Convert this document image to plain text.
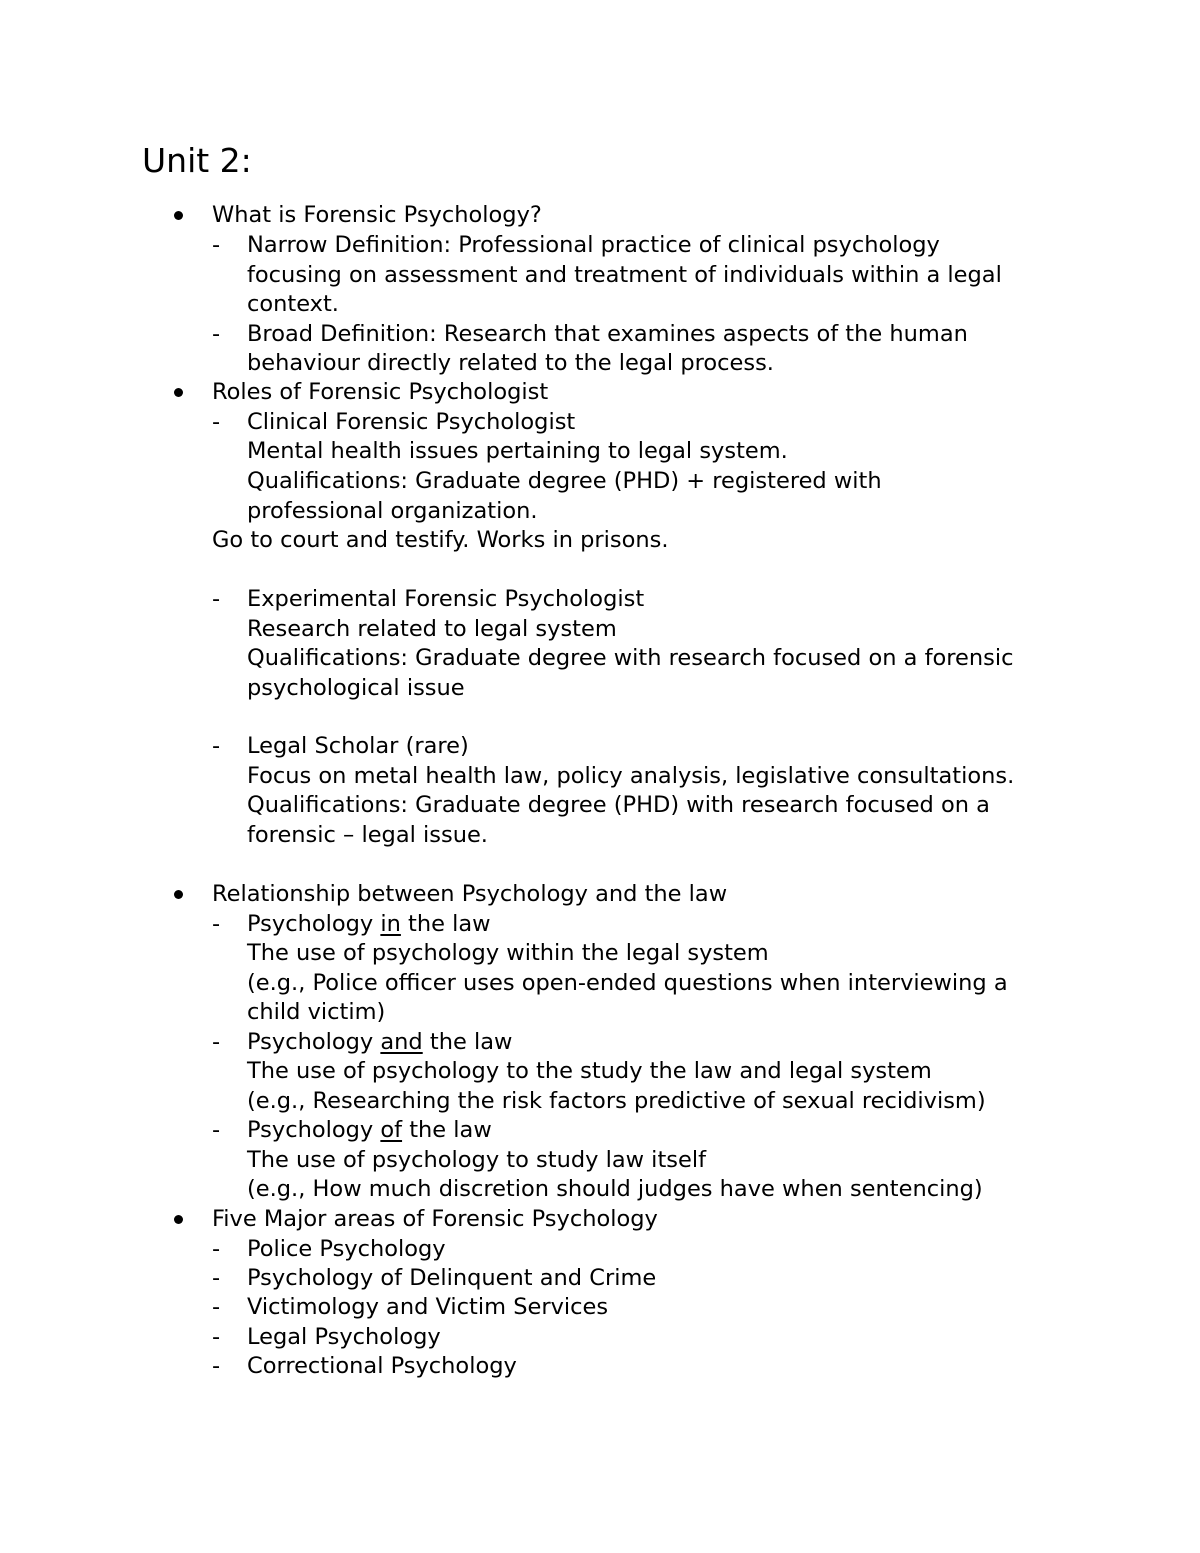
Unit 2:
What is Forensic Psychology?
- Narrow Definition: Professional practice of clinical psychology
focusing on assessment and treatment of individuals within a legal
context.
- Broad Definition: Research that examines aspects of the human
behaviour directly related to the legal process.
Roles of Forensic Psychologist
- Clinical Forensic Psychologist
Mental health issues pertaining to legal system.
Qualifications: Graduate degree (PHD) + registered with
professional organization.
Go to court and testify. Works in prisons.
- Experimental Forensic Psychologist
Research related to legal system
Qualifications: Graduate degree with research focused on a forensic
psychological issue
- Legal Scholar (rare)
Focus on metal health law, policy analysis, legislative consultations.
Qualifications: Graduate degree (PHD) with research focused on a
forensic – legal issue.
Relationship between Psychology and the law
- Psychology in the law
The use of psychology within the legal system
(e.g., Police officer uses open-ended questions when interviewing a
child victim)
- Psychology and the law
The use of psychology to the study the law and legal system
(e.g., Researching the risk factors predictive of sexual recidivism)
- Psychology of the law
The use of psychology to study law itself
(e.g., How much discretion should judges have when sentencing)
Five Major areas of Forensic Psychology
- Police Psychology
- Psychology of Delinquent and Crime
- Victimology and Victim Services
- Legal Psychology
- Correctional Psychology
